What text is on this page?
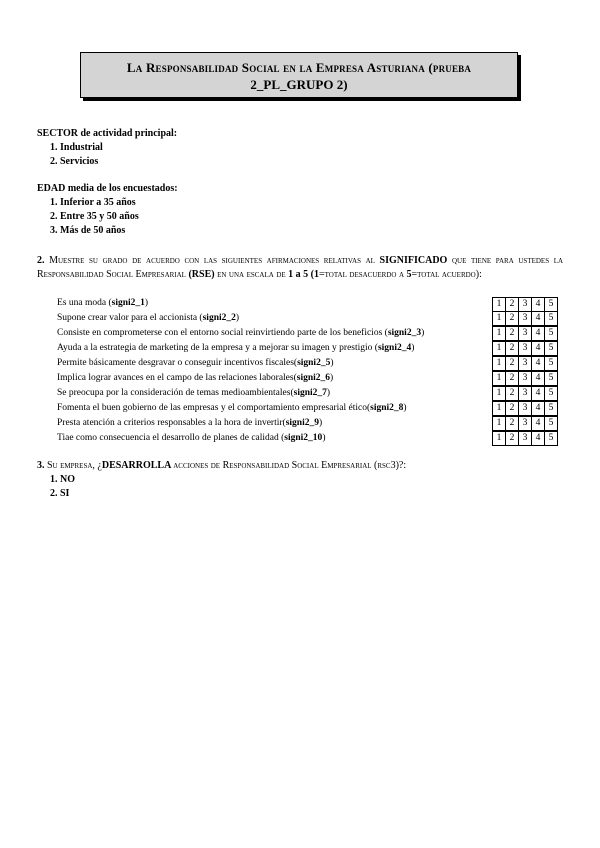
La Responsabilidad Social en la Empresa Asturiana (prueba
2_PL_GRUPO 2)
SECTOR de actividad principal:
1. Industrial
2. Servicios
EDAD media de los encuestados:
1. Inferior a 35 años
2. Entre 35 y 50 años
3. Más de 50 años
2. Muestre su grado de acuerdo con las siguientes afirmaciones relativas al SIGNIFICADO que tiene para ustedes la Responsabilidad Social Empresarial (RSE) en una escala de 1 a 5 (1=total desacuerdo a 5=total acuerdo):
Es una moda (signi2_1)	1 2 3 4 5
Supone crear valor para el accionista (signi2_2)	1 2 3 4 5
Consiste en comprometerse con el entorno social reinvirtiendo parte de los beneficios (signi2_3)	1 2 3 4 5
Ayuda a la estrategia de marketing de la empresa y a mejorar su imagen y prestigio (signi2_4)	1 2 3 4 5
Permite básicamente desgravar o conseguir incentivos fiscales(signi2_5)	1 2 3 4 5
Implica lograr avances en el campo de las relaciones laborales(signi2_6)	1 2 3 4 5
Se preocupa por la consideración de temas medioambientales(signi2_7)	1 2 3 4 5
Fomenta el buen gobierno de las empresas y el comportamiento empresarial ético(signi2_8)	1 2 3 4 5
Presta atención a criterios responsables a la hora de invertir(signi2_9)	1 2 3 4 5
Tiae como consecuencia el desarrollo de planes de calidad (signi2_10)	1 2 3 4 5
3. Su empresa, ¿DESARROLLA acciones de Responsabilidad Social Empresarial (rsc3)?:
1. NO
2. SI
